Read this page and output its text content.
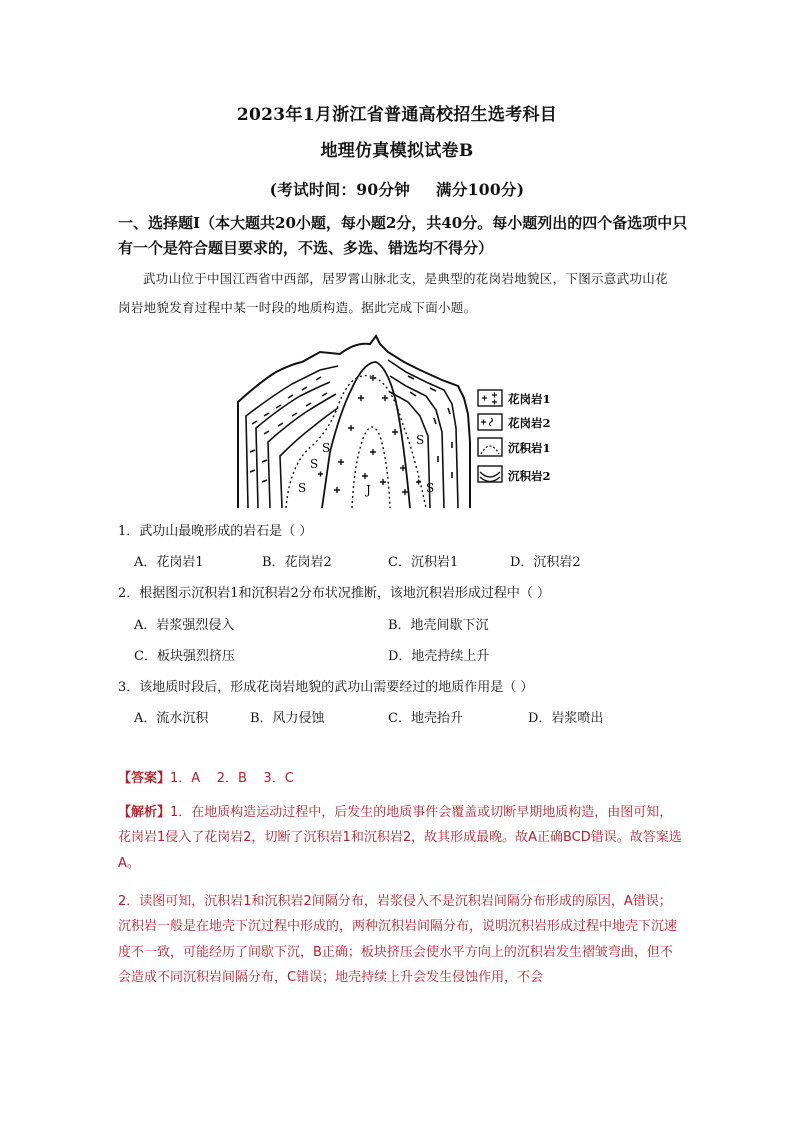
2023年1月浙江省普通高校招生选考科目
地理仿真模拟试卷B
(考试时间：90分钟 满分100分)
一、选择题Ⅰ（本大题共20小题，每小题2分，共40分。每小题列出的四个备选项中只有一个是符合题目要求的，不选、多选、错选均不得分）
武功山位于中国江西省中西部，居罗霄山脉北支，是典型的花岗岩地貌区，下图示意武功山花岗岩地貌发育过程中某一时段的地质构造。据此完成下面小题。
S
S
S
S
J	S
花岗岩1
花岗岩2
沉积岩1
沉积岩2
1．武功山最晚形成的岩石是（ ）
A．花岗岩1	B．花岗岩2	C．沉积岩1	D．沉积岩2
2．根据图示沉积岩1和沉积岩2分布状况推断，该地沉积岩形成过程中（ ）
A．岩浆强烈侵入	B．地壳间歇下沉
C．板块强烈挤压	D．地壳持续上升
3．该地质时段后，形成花岗岩地貌的武功山需要经过的地质作用是（ ）
A．流水沉积	B．风力侵蚀	C．地壳抬升	D．岩浆喷出
【答案】1．A    2．B    3．C
【解析】1．在地质构造运动过程中，后发生的地质事件会覆盖或切断早期地质构造，由图可知，花岗岩1侵入了花岗岩2，切断了沉积岩1和沉积岩2，故其形成最晚。故A正确BCD错误。故答案选A。
2．读图可知，沉积岩1和沉积岩2间隔分布，岩浆侵入不是沉积岩间隔分布形成的原因，A错误；沉积岩一般是在地壳下沉过程中形成的，两种沉积岩间隔分布，说明沉积岩形成过程中地壳下沉速度不一致，可能经历了间歇下沉，B正确；板块挤压会使水平方向上的沉积岩发生褶皱弯曲，但不会造成不同沉积岩间隔分布，C错误；地壳持续上升会发生侵蚀作用，不会
